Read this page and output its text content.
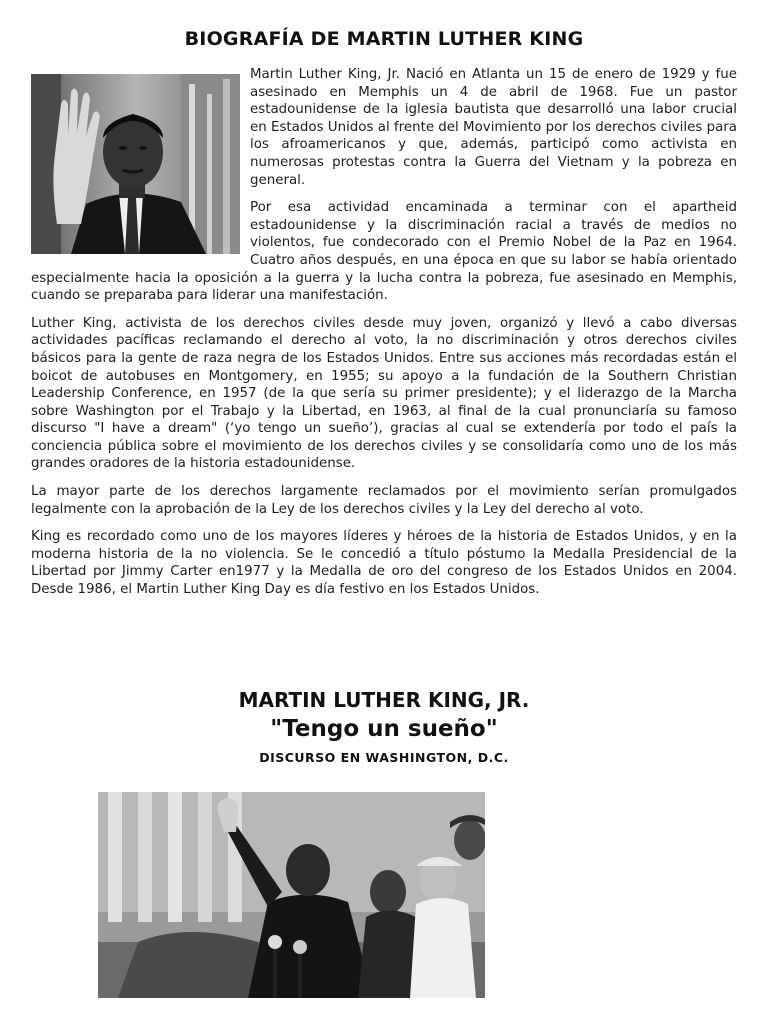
BIOGRAFÍA DE MARTIN LUTHER KING

Martin Luther King, Jr. Nació en Atlanta un 15 de enero de 1929 y fue asesinado en Memphis un 4 de abril de 1968. Fue un pastor estadounidense de la iglesia bautista que desarrolló una labor crucial en Estados Unidos al frente del Movimiento por los derechos civiles para los afroamericanos y que, además, participó como activista en numerosas protestas contra la Guerra del Vietnam y la pobreza en general.

Por esa actividad encaminada a terminar con el apartheid estadounidense y la discriminación racial a través de medios no violentos, fue condecorado con el Premio Nobel de la Paz en 1964. Cuatro años después, en una época en que su labor se había orientado especialmente hacia la oposición a la guerra y la lucha contra la pobreza, fue asesinado en Memphis, cuando se preparaba para liderar una manifestación.

Luther King, activista de los derechos civiles desde muy joven, organizó y llevó a cabo diversas actividades pacíficas reclamando el derecho al voto, la no discriminación y otros derechos civiles básicos para la gente de raza negra de los Estados Unidos. Entre sus acciones más recordadas están el boicot de autobuses en Montgomery, en 1955; su apoyo a la fundación de la Southern Christian Leadership Conference, en 1957 (de la que sería su primer presidente); y el liderazgo de la Marcha sobre Washington por el Trabajo y la Libertad, en 1963, al final de la cual pronunciaría su famoso discurso "I have a dream" (‘yo tengo un sueño’), gracias al cual se extendería por todo el país la conciencia pública sobre el movimiento de los derechos civiles y se consolidaría como uno de los más grandes oradores de la historia estadounidense.

La mayor parte de los derechos largamente reclamados por el movimiento serían promulgados legalmente con la aprobación de la Ley de los derechos civiles y la Ley del derecho al voto.

King es recordado como uno de los mayores líderes y héroes de la historia de Estados Unidos, y en la moderna historia de la no violencia. Se le concedió a título póstumo la Medalla Presidencial de la Libertad por Jimmy Carter en1977 y la Medalla de oro del congreso de los Estados Unidos en 2004. Desde 1986, el Martin Luther King Day es día festivo en los Estados Unidos.

MARTIN LUTHER KING, JR.
"Tengo un sueño"
DISCURSO EN WASHINGTON, D.C.
